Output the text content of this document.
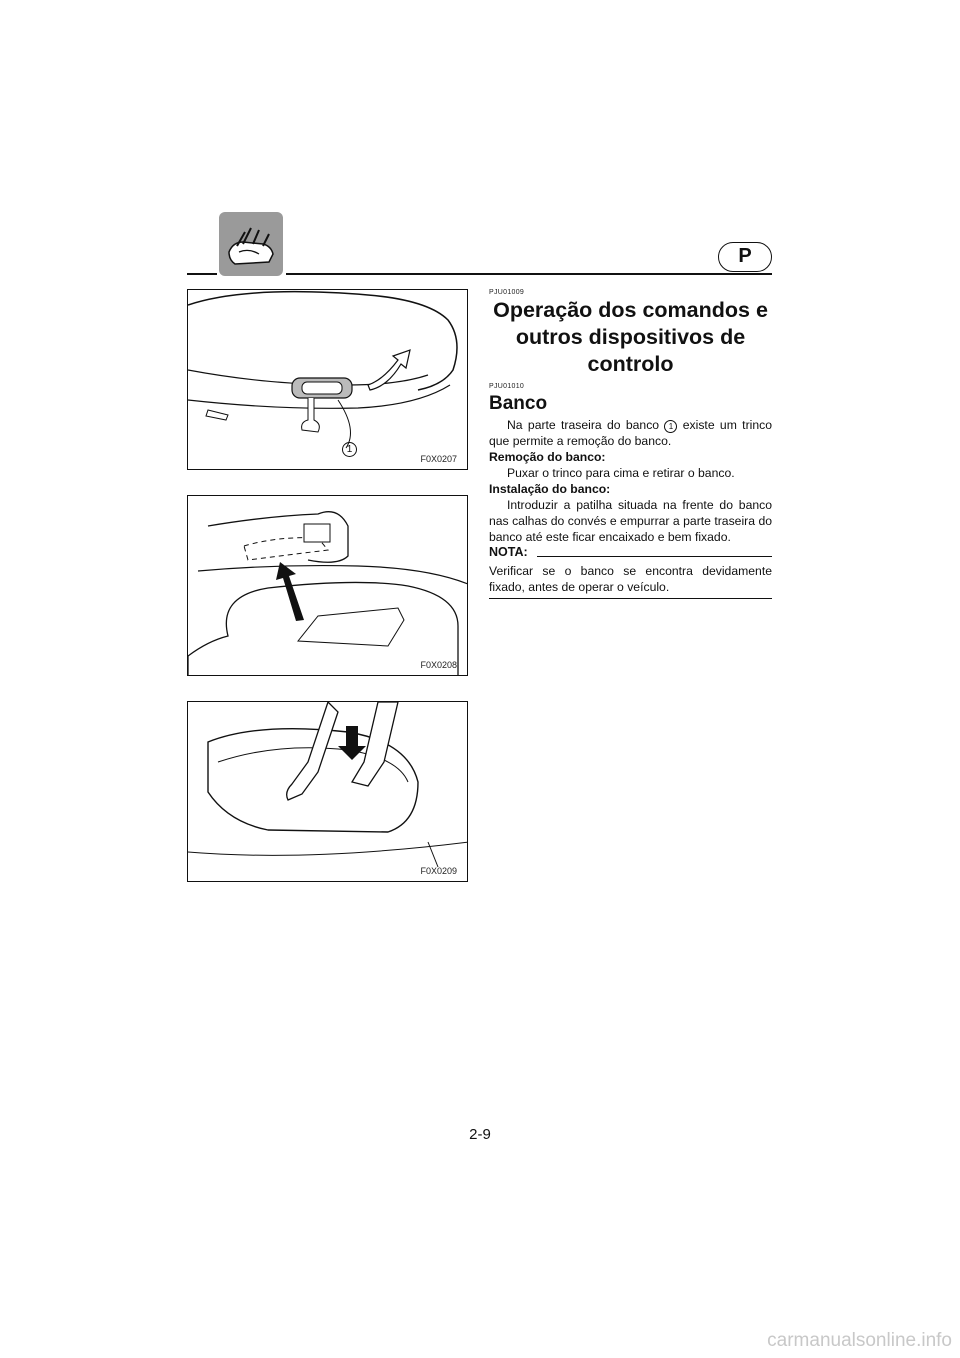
P
1
F0X0207
F0X0208
F0X0209
PJU01009
Operação dos comandos e
outros dispositivos de
controlo
PJU01010
Banco
Na parte traseira do banco 1 existe um trinco que permite a remoção do banco.
Remoção do banco:
Puxar o trinco para cima e retirar o banco.
Instalação do banco:
Introduzir a patilha situada na frente do banco nas calhas do convés e empurrar a parte traseira do banco até este ficar encaixado e bem fixado.
NOTA:
Verificar se o banco se encontra devidamente fixado, antes de operar o veículo.
2-9
carmanualsonline.info
